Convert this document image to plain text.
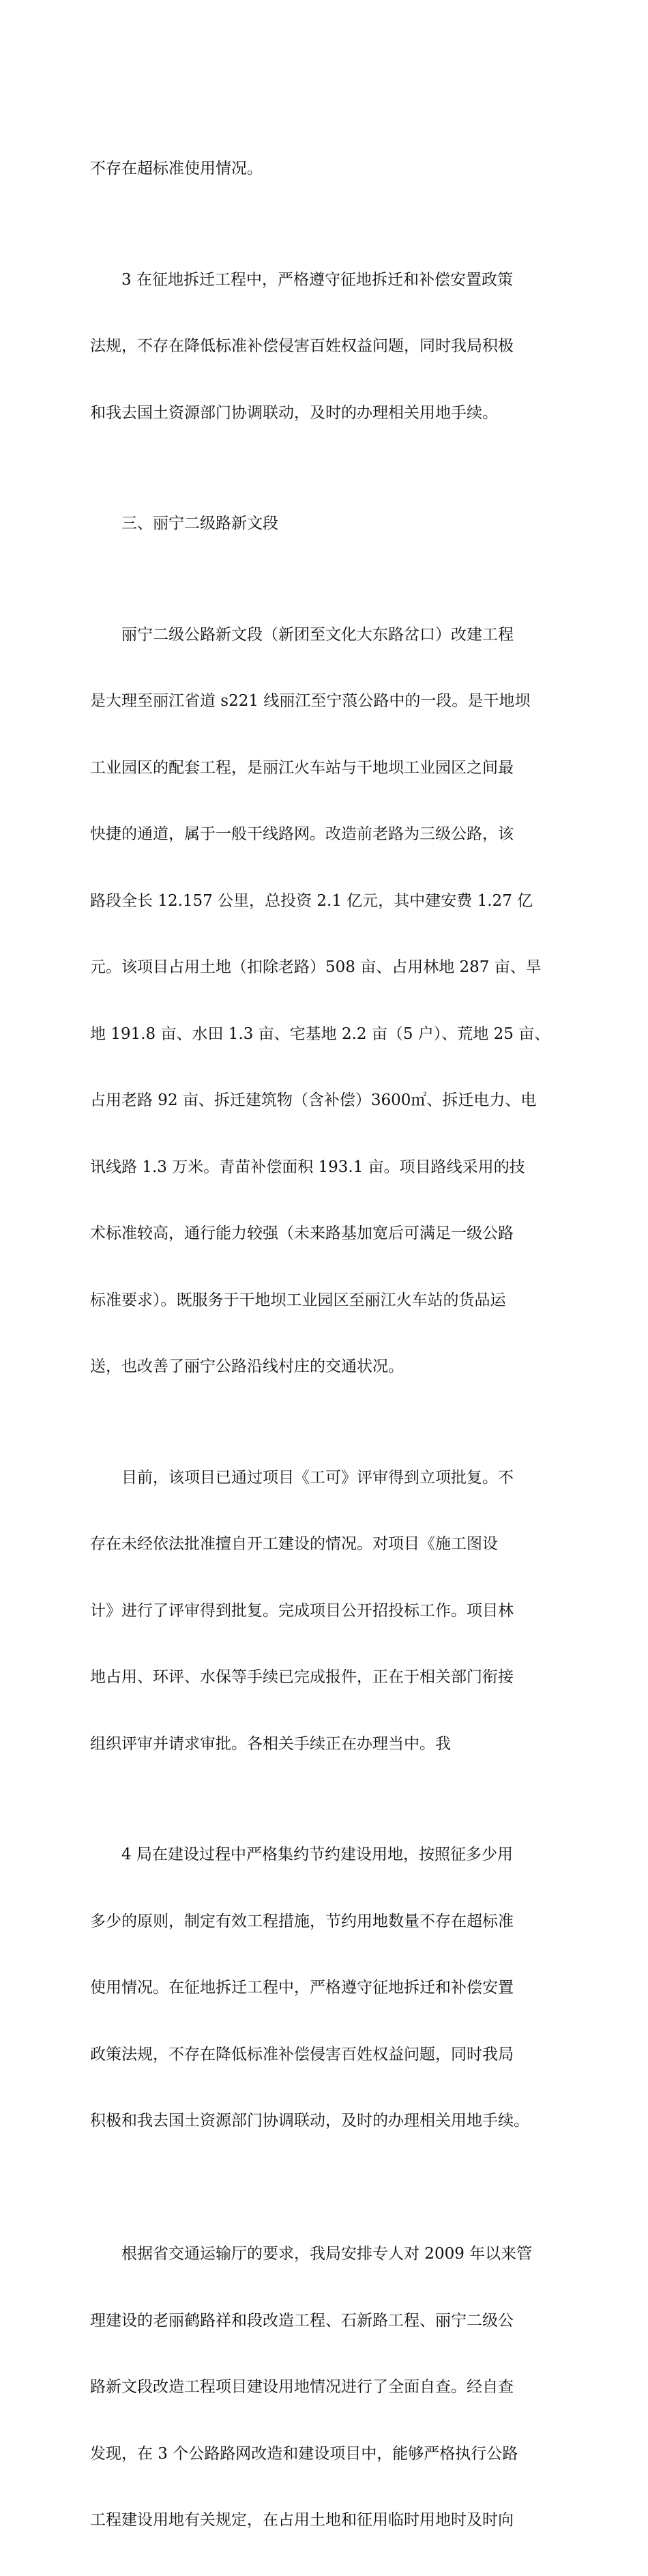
不存在超标准使用情况。

　　3 在征地拆迁工程中，严格遵守征地拆迁和补偿安置政策

法规，不存在降低标准补偿侵害百姓权益问题，同时我局积极

和我去国土资源部门协调联动，及时的办理相关用地手续。

　　三、丽宁二级路新文段

　　丽宁二级公路新文段（新团至文化大东路岔口）改建工程

是大理至丽江省道 s221 线丽江至宁蒗公路中的一段。是干地坝

工业园区的配套工程，是丽江火车站与干地坝工业园区之间最

快捷的通道，属于一般干线路网。改造前老路为三级公路，该

路段全长 12.157 公里，总投资 2.1 亿元，其中建安费 1.27 亿

元。该项目占用土地（扣除老路）508 亩、占用林地 287 亩、旱

地 191.8 亩、水田 1.3 亩、宅基地 2.2 亩（5 户）、荒地 25 亩、

占用老路 92 亩、拆迁建筑物（含补偿）3600㎡、拆迁电力、电

讯线路 1.3 万米。青苗补偿面积 193.1 亩。项目路线采用的技

术标准较高，通行能力较强（未来路基加宽后可满足一级公路

标准要求）。既服务于干地坝工业园区至丽江火车站的货品运

送，也改善了丽宁公路沿线村庄的交通状况。

　　目前，该项目已通过项目《工可》评审得到立项批复。不

存在未经依法批准擅自开工建设的情况。对项目《施工图设

计》进行了评审得到批复。完成项目公开招投标工作。项目林

地占用、环评、水保等手续已完成报件，正在于相关部门衔接

组织评审并请求审批。各相关手续正在办理当中。我

　　4 局在建设过程中严格集约节约建设用地，按照征多少用

多少的原则，制定有效工程措施，节约用地数量不存在超标准

使用情况。在征地拆迁工程中，严格遵守征地拆迁和补偿安置

政策法规，不存在降低标准补偿侵害百姓权益问题，同时我局

积极和我去国土资源部门协调联动，及时的办理相关用地手续。

　　根据省交通运输厅的要求，我局安排专人对 2009 年以来管

理建设的老丽鹤路祥和段改造工程、石新路工程、丽宁二级公

路新文段改造工程项目建设用地情况进行了全面自查。经自查

发现，在 3 个公路路网改造和建设项目中，能够严格执行公路

工程建设用地有关规定，在占用土地和征用临时用地时及时向
